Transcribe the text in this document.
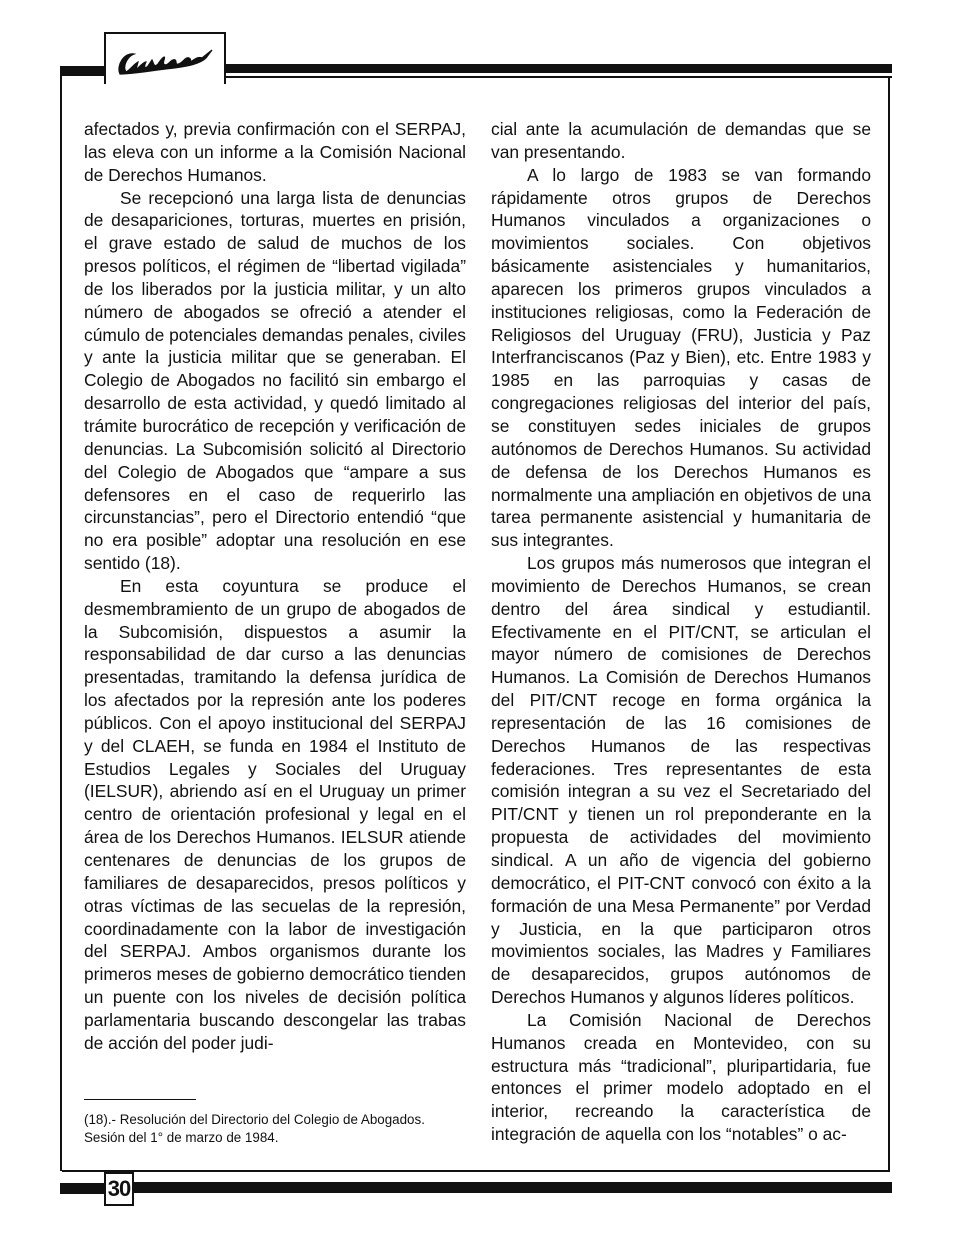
afectados y, previa confirmación con el SERPAJ, las eleva con un informe a la Comisión Nacional de Derechos Humanos.

Se recepcionó una larga lista de denuncias de desapariciones, torturas, muertes en prisión, el grave estado de salud de muchos de los presos políticos, el régimen de “libertad vigilada” de los liberados por la justicia militar, y un alto número de abogados se ofreció a atender el cúmulo de potenciales demandas penales, civiles y ante la justicia militar que se generaban. El Colegio de Abogados no facilitó sin embargo el desarrollo de esta actividad, y quedó limitado al trámite burocrático de recepción y verificación de denuncias. La Subcomisión solicitó al Directorio del Colegio de Abogados que “ampare a sus defensores en el caso de requerirlo las circunstancias”, pero el Directorio entendió “que no era posible” adoptar una resolución en ese sentido (18).

En esta coyuntura se produce el desmembramiento de un grupo de abogados de la Subcomisión, dispuestos a asumir la responsabilidad de dar curso a las denuncias presentadas, tramitando la defensa jurídica de los afectados por la represión ante los poderes públicos. Con el apoyo institucional del SERPAJ y del CLAEH, se funda en 1984 el Instituto de Estudios Legales y Sociales del Uruguay (IELSUR), abriendo así en el Uruguay un primer centro de orientación profesional y legal en el área de los Derechos Humanos. IELSUR atiende centenares de denuncias de los grupos de familiares de desaparecidos, presos políticos y otras víctimas de las secuelas de la represión, coordinadamente con la labor de investigación del SERPAJ. Ambos organismos durante los primeros meses de gobierno democrático tienden un puente con los niveles de decisión política parlamentaria buscando descongelar las trabas de acción del poder judi-

(18).- Resolución del Directorio del Colegio de Abogados. Sesión del 1° de marzo de 1984.

cial ante la acumulación de demandas que se van presentando.

A lo largo de 1983 se van formando rápidamente otros grupos de Derechos Humanos vinculados a organizaciones o movimientos sociales. Con objetivos básicamente asistenciales y humanitarios, aparecen los primeros grupos vinculados a instituciones religiosas, como la Federación de Religiosos del Uruguay (FRU), Justicia y Paz Interfranciscanos (Paz y Bien), etc. Entre 1983 y 1985 en las parroquias y casas de congregaciones religiosas del interior del país, se constituyen sedes iniciales de grupos autónomos de Derechos Humanos. Su actividad de defensa de los Derechos Humanos es normalmente una ampliación en objetivos de una tarea permanente asistencial y humanitaria de sus integrantes.

Los grupos más numerosos que integran el movimiento de Derechos Humanos, se crean dentro del área sindical y estudiantil. Efectivamente en el PIT/CNT, se articulan el mayor número de comisiones de Derechos Humanos. La Comisión de Derechos Humanos del PIT/CNT recoge en forma orgánica la representación de las 16 comisiones de Derechos Humanos de las respectivas federaciones. Tres representantes de esta comisión integran a su vez el Secretariado del PIT/CNT y tienen un rol preponderante en la propuesta de actividades del movimiento sindical. A un año de vigencia del gobierno democrático, el PIT-CNT convocó con éxito a la formación de una Mesa Permanente” por Verdad y Justicia, en la que participaron otros movimientos sociales, las Madres y Familiares de desaparecidos, grupos autónomos de Derechos Humanos y algunos líderes políticos.

La Comisión Nacional de Derechos Humanos creada en Montevideo, con su estructura más “tradicional”, pluripartidaria, fue entonces el primer modelo adoptado en el interior, recreando la característica de integración de aquella con los “notables” o ac-

30
